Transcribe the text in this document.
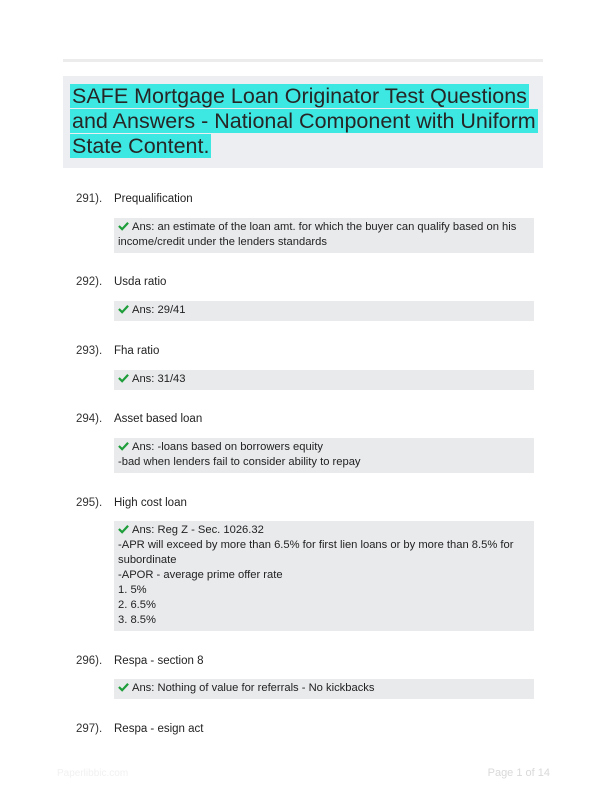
SAFE Mortgage Loan Originator Test Questions and Answers - National Component with Uniform State Content.
291). Prequalification
Ans: an estimate of the loan amt. for which the buyer can qualify based on his
income/credit under the lenders standards
292). Usda ratio
Ans: 29/41
293). Fha ratio
Ans: 31/43
294). Asset based loan
Ans: -loans based on borrowers equity
-bad when lenders fail to consider ability to repay
295). High cost loan
Ans: Reg Z - Sec. 1026.32
-APR will exceed by more than 6.5% for first lien loans or by more than 8.5% for
subordinate
-APOR - average prime offer rate
1. 5%
2. 6.5%
3. 8.5%
296). Respa - section 8
Ans: Nothing of value for referrals - No kickbacks
297). Respa - esign act
Paperlibbic.com	Page 1 of 14
